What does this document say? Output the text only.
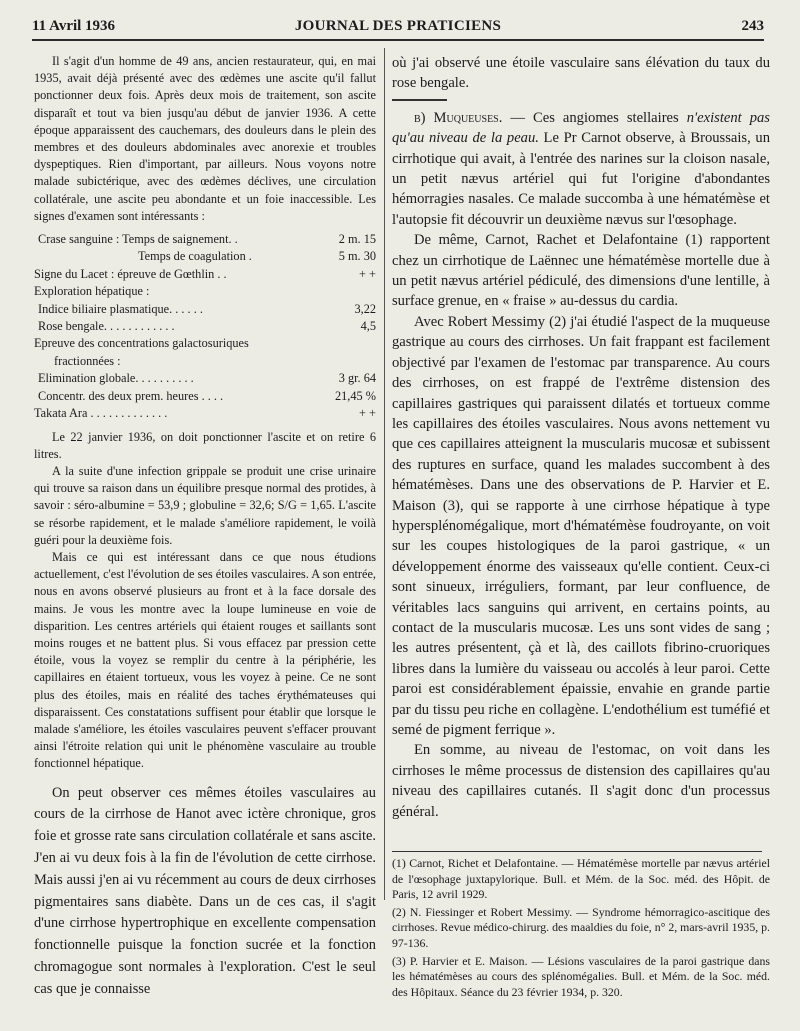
11 Avril 1936	JOURNAL DES PRATICIENS	243

Il s'agit d'un homme de 49 ans, ancien restaurateur, qui, en mai 1935, avait déjà présenté avec des œdèmes une ascite qu'il fallut ponctionner deux fois. Après deux mois de traitement, son ascite disparaît et tout va bien jusqu'au début de janvier 1936. A cette époque apparaissent des cauchemars, des douleurs dans le plein des membres et des douleurs abdominales avec anorexie et troubles dyspeptiques. Rien d'important, par ailleurs. Nous voyons notre malade subictérique, avec des œdèmes déclives, une circulation collatérale, une ascite peu abondante et un foie inaccessible. Les signes d'examen sont intéressants :

Crase sanguine : Temps de saignement. .	2 m. 15
Temps de coagulation .	5 m. 30
Signe du Lacet : épreuve de Gœthlin . .	+ +
Exploration hépatique :
Indice biliaire plasmatique. . . . . .	3,22
Rose bengale. . . . . . . . . . . .	4,5
Epreuve des concentrations galactosuriques
fractionnées :
Elimination globale. . . . . . . . . .	3 gr. 64
Concentr. des deux prem. heures . . . .	21,45 %
Takata Ara . . . . . . . . . . . . .	+ +

Le 22 janvier 1936, on doit ponctionner l'ascite et on retire 6 litres.

A la suite d'une infection grippale se produit une crise urinaire qui trouve sa raison dans un équilibre presque normal des protides, à savoir : séro-albumine = 53,9 ; globuline = 32,6; S/G = 1,65. L'ascite se résorbe rapidement, et le malade s'améliore rapidement, le voilà guéri pour la deuxième fois.

Mais ce qui est intéressant dans ce que nous étudions actuellement, c'est l'évolution de ses étoiles vasculaires. A son entrée, nous en avons observé plusieurs au front et à la face dorsale des mains. Je vous les montre avec la loupe lumineuse en voie de disparition. Les centres artériels qui étaient rouges et saillants sont moins rouges et ne battent plus. Si vous effacez par pression cette étoile, vous la voyez se remplir du centre à la périphérie, les capillaires en étaient tortueux, vous les voyez à peine. Ce ne sont plus des étoiles, mais en réalité des taches érythémateuses qui disparaissent. Ces constatations suffisent pour établir que lorsque le malade s'améliore, les étoiles vasculaires peuvent s'effacer prouvant ainsi l'étroite relation qui unit le phénomène vasculaire au trouble fonctionnel hépatique.

On peut observer ces mêmes étoiles vasculaires au cours de la cirrhose de Hanot avec ictère chronique, gros foie et grosse rate sans circulation collatérale et sans ascite. J'en ai vu deux fois à la fin de l'évolution de cette cirrhose. Mais aussi j'en ai vu récemment au cours de deux cirrhoses pigmentaires sans diabète. Dans un de ces cas, il s'agit d'une cirrhose hypertrophique en excellente compensation fonctionnelle puisque la fonction sucrée et la fonction chromagogue sont normales à l'exploration. C'est le seul cas que je connaisse

où j'ai observé une étoile vasculaire sans élévation du taux du rose bengale.

b) Muqueuses. — Ces angiomes stellaires n'existent pas qu'au niveau de la peau. Le Pr Carnot observe, à Broussais, un cirrhotique qui avait, à l'entrée des narines sur la cloison nasale, un petit nævus artériel qui fut l'origine d'abondantes hémorragies nasales. Ce malade succomba à une hématémèse et l'autopsie fit découvrir un deuxième nævus sur l'œsophage.

De même, Carnot, Rachet et Delafontaine (1) rapportent chez un cirrhotique de Laënnec une hématémèse mortelle due à un petit nævus artériel pédiculé, des dimensions d'une lentille, à surface grenue, en « fraise » au-dessus du cardia.

Avec Robert Messimy (2) j'ai étudié l'aspect de la muqueuse gastrique au cours des cirrhoses. Un fait frappant est facilement objectivé par l'examen de l'estomac par transparence. Au cours des cirrhoses, on est frappé de l'extrême distension des capillaires gastriques qui paraissent dilatés et tortueux comme les capillaires des étoiles vasculaires. Nous avons nettement vu que ces capillaires atteignent la muscularis mucosæ et subissent des ruptures en surface, quand les malades succombent à des hématémèses. Dans une des observations de P. Harvier et E. Maison (3), qui se rapporte à une cirrhose hépatique à type hypersplénomégalique, mort d'hématémèse foudroyante, on voit sur les coupes histologiques de la paroi gastrique, « un développement énorme des vaisseaux qu'elle contient. Ceux-ci sont sinueux, irréguliers, formant, par leur confluence, de véritables lacs sanguins qui arrivent, en certains points, au contact de la muscularis mucosæ. Les uns sont vides de sang ; les autres présentent, çà et là, des caillots fibrino-cruoriques libres dans la lumière du vaisseau ou accolés à leur paroi. Cette paroi est considérablement épaissie, envahie en grande partie par du tissu peu riche en collagène. L'endothélium est tuméfié et semé de pigment ferrique ».

En somme, au niveau de l'estomac, on voit dans les cirrhoses le même processus de distension des capillaires qu'au niveau des capillaires cutanés. Il s'agit donc d'un processus général.

(1) Carnot, Richet et Delafontaine. — Hématémèse mortelle par nævus artériel de l'œsophage juxtapylorique. Bull. et Mém. de la Soc. méd. des Hôpit. de Paris, 12 avril 1929.

(2) N. Fiessinger et Robert Messimy. — Syndrome hémorragico-ascitique des cirrhoses. Revue médico-chirurg. des maaldies du foie, n° 2, mars-avril 1935, p. 97-136.

(3) P. Harvier et E. Maison. — Lésions vasculaires de la paroi gastrique dans les hématémèses au cours des splénomégalies. Bull. et Mém. de la Soc. méd. des Hôpitaux. Séance du 23 février 1934, p. 320.
